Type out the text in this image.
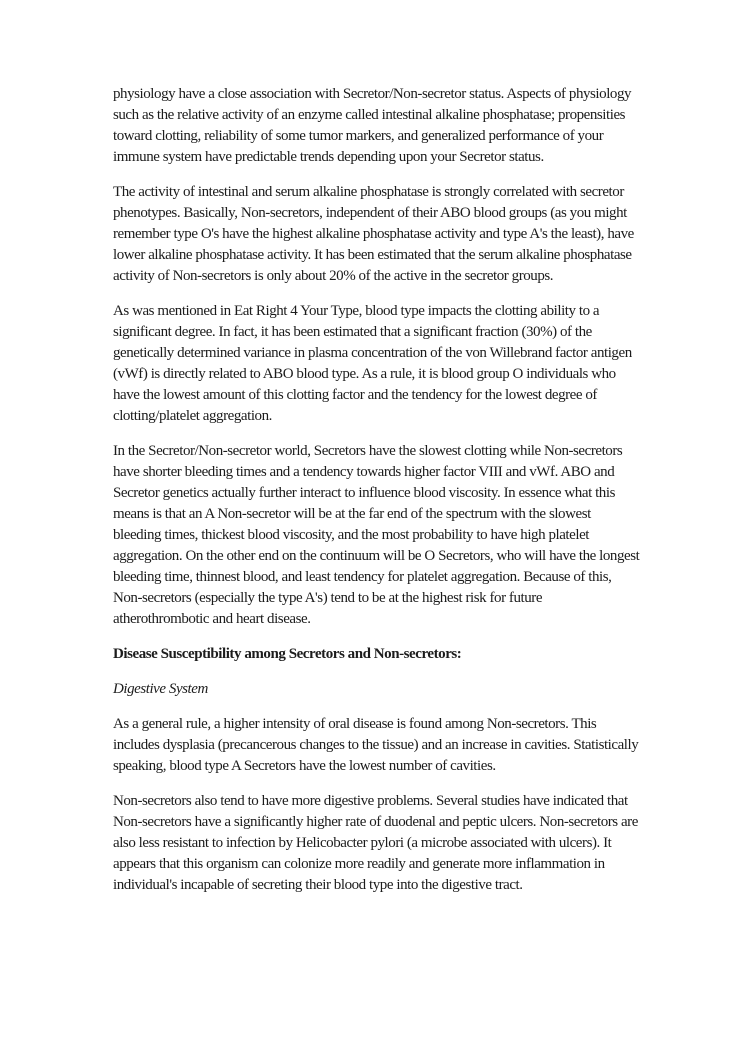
physiology have a close association with Secretor/Non-secretor status. Aspects of physiology such as the relative activity of an enzyme called intestinal alkaline phosphatase; propensities toward clotting, reliability of some tumor markers, and generalized performance of your immune system have predictable trends depending upon your Secretor status.

The activity of intestinal and serum alkaline phosphatase is strongly correlated with secretor phenotypes. Basically, Non-secretors, independent of their ABO blood groups (as you might remember type O's have the highest alkaline phosphatase activity and type A's the least), have lower alkaline phosphatase activity. It has been estimated that the serum alkaline phosphatase activity of Non-secretors is only about 20% of the active in the secretor groups.

As was mentioned in Eat Right 4 Your Type, blood type impacts the clotting ability to a significant degree. In fact, it has been estimated that a significant fraction (30%) of the genetically determined variance in plasma concentration of the von Willebrand factor antigen (vWf) is directly related to ABO blood type. As a rule, it is blood group O individuals who have the lowest amount of this clotting factor and the tendency for the lowest degree of clotting/platelet aggregation.

In the Secretor/Non-secretor world, Secretors have the slowest clotting while Non-secretors have shorter bleeding times and a tendency towards higher factor VIII and vWf. ABO and Secretor genetics actually further interact to influence blood viscosity. In essence what this means is that an A Non-secretor will be at the far end of the spectrum with the slowest bleeding times, thickest blood viscosity, and the most probability to have high platelet aggregation. On the other end on the continuum will be O Secretors, who will have the longest bleeding time, thinnest blood, and least tendency for platelet aggregation. Because of this, Non-secretors (especially the type A's) tend to be at the highest risk for future atherothrombotic and heart disease.

Disease Susceptibility among Secretors and Non-secretors:

Digestive System

As a general rule, a higher intensity of oral disease is found among Non-secretors. This includes dysplasia (precancerous changes to the tissue) and an increase in cavities. Statistically speaking, blood type A Secretors have the lowest number of cavities.

Non-secretors also tend to have more digestive problems. Several studies have indicated that Non-secretors have a significantly higher rate of duodenal and peptic ulcers. Non-secretors are also less resistant to infection by Helicobacter pylori (a microbe associated with ulcers). It appears that this organism can colonize more readily and generate more inflammation in individual's incapable of secreting their blood type into the digestive tract.
